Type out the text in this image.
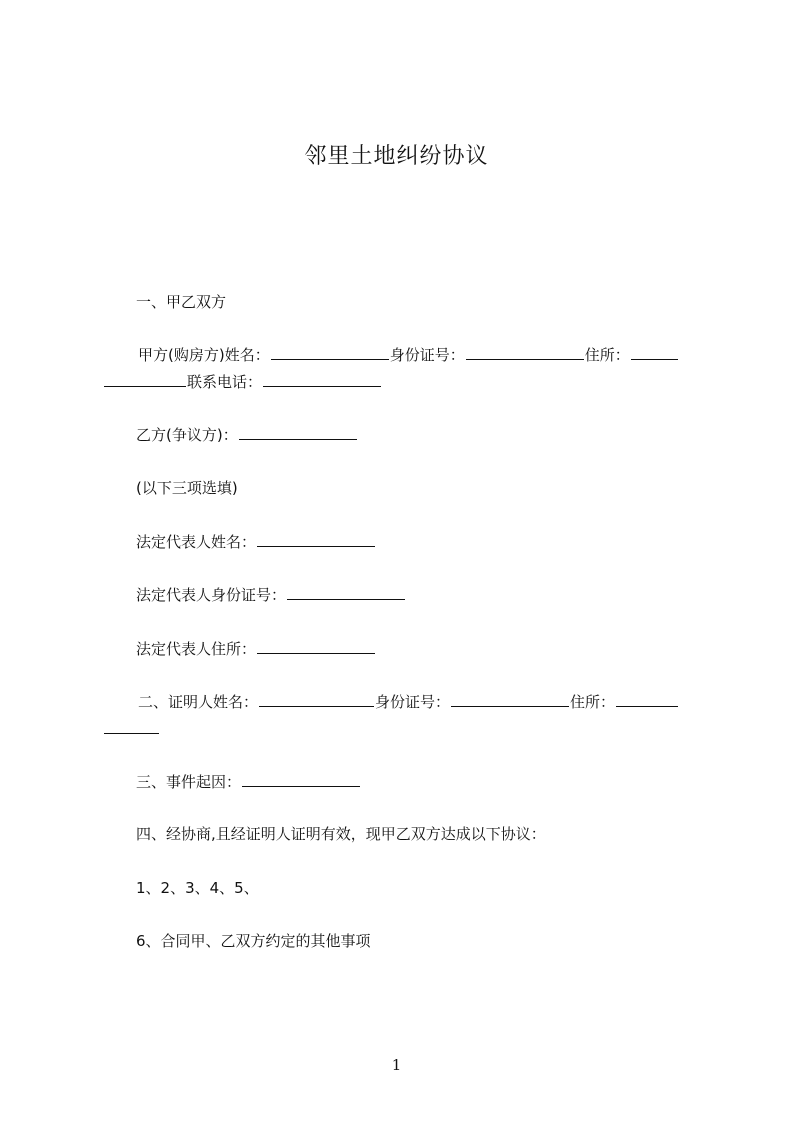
邻里土地纠纷协议
一、甲乙双方
甲方(购房方)姓名：	身份证号：	住所：
联系电话：
乙方(争议方)：
(以下三项选填)
法定代表人姓名：
法定代表人身份证号：
法定代表人住所：
二、证明人姓名：	身份证号：	住所：
三、事件起因：
四、经协商,且经证明人证明有效，现甲乙双方达成以下协议：
1、2、3、4、5、
6、合同甲、乙双方约定的其他事项
1
